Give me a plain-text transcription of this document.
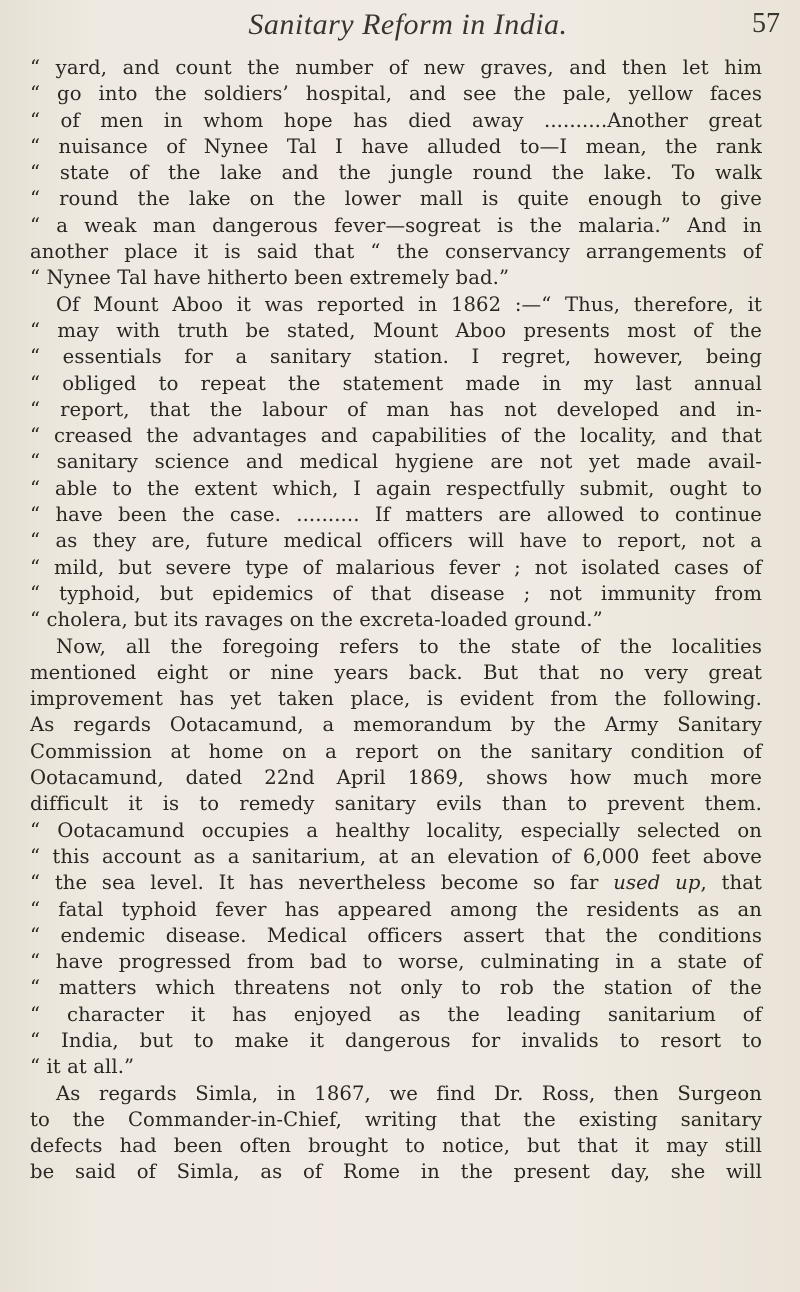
Sanitary Reform in India.	57
“ yard, and count the number of new graves, and then let him
“ go into the soldiers’ hospital, and see the pale, yellow faces
“ of men in whom hope has died away ..........Another great
“ nuisance of Nynee Tal I have alluded to—I mean, the rank
“ state of the lake and the jungle round the lake. To walk
“ round the lake on the lower mall is quite enough to give
“ a weak man dangerous fever—sogreat is the malaria.” And in
another place it is said that “ the conservancy arrangements of
“ Nynee Tal have hitherto been extremely bad.”
Of Mount Aboo it was reported in 1862 :—“ Thus, therefore, it
“ may with truth be stated, Mount Aboo presents most of the
“ essentials for a sanitary station. I regret, however, being
“ obliged to repeat the statement made in my last annual
“ report, that the labour of man has not developed and in-
“ creased the advantages and capabilities of the locality, and that
“ sanitary science and medical hygiene are not yet made avail-
“ able to the extent which, I again respectfully submit, ought to
“ have been the case. .......... If matters are allowed to continue
“ as they are, future medical officers will have to report, not a
“ mild, but severe type of malarious fever ; not isolated cases of
“ typhoid, but epidemics of that disease ; not immunity from
“ cholera, but its ravages on the excreta-loaded ground.”
Now, all the foregoing refers to the state of the localities
mentioned eight or nine years back. But that no very great
improvement has yet taken place, is evident from the following.
As regards Ootacamund, a memorandum by the Army Sanitary
Commission at home on a report on the sanitary condition of
Ootacamund, dated 22nd April 1869, shows how much more
difficult it is to remedy sanitary evils than to prevent them.
“ Ootacamund occupies a healthy locality, especially selected on
“ this account as a sanitarium, at an elevation of 6,000 feet above
“ the sea level. It has nevertheless become so far used up, that
“ fatal typhoid fever has appeared among the residents as an
“ endemic disease. Medical officers assert that the conditions
“ have progressed from bad to worse, culminating in a state of
“ matters which threatens not only to rob the station of the
“ character it has enjoyed as the leading sanitarium of
“ India, but to make it dangerous for invalids to resort to
“ it at all.”
As regards Simla, in 1867, we find Dr. Ross, then Surgeon
to the Commander-in-Chief, writing that the existing sanitary
defects had been often brought to notice, but that it may still
be said of Simla, as of Rome in the present day, she will
